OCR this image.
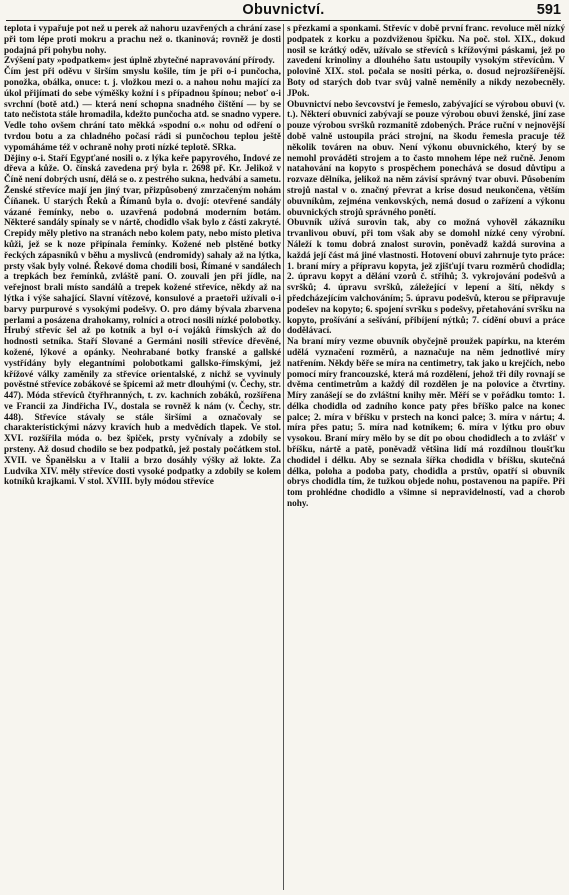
Obuvnictví.	591

teplota i vypařuje pot než u perek až nahoru uzavřených a chrání zase při tom lépe proti mokru a prachu než o. tkaninová; rovněž je dosti podajná při pohybu nohy.

Zvýšení paty »podpatkem« jest úplně zbytečné napravování přírody.

Čím jest při oděvu v širším smyslu košile, tím je při o-i punčocha, ponožka, obálka, onuce: t. j. vložkou mezi o. a nahou nohu mající za úkol přijímati do sebe výměšky kožní i s případnou špínou; neboť o-i svrchní (botě atd.) — která není schopna snadného čištění — by se tato nečistota stále hromadila, kdežto punčocha atd. se snadno vypere. Vedle toho ovšem chrání tato měkká »spodní o.« nohu od odření o tvrdou botu a za chladného počasí rádi si punčochou teplou ještě vypomáháme též v ochraně nohy proti nízké teplotě. SRka.

Dějiny o-i. Staří Egypťané nosili o. z lýka keře papyrového, Indové ze dřeva a kůže. O. čínská zavedena prý byla r. 2698 př. Kr. Jelikož v Číně není dobrých usní, dělá se o. z pestrého sukna, hedvábí a sametu. Ženské střevíce mají jen jiný tvar, přizpůsobený zmrzačeným nohám Číňanek. U starých Řeků a Římanů byla o. dvojí: otevřené sandály vázané řemínky, nebo o. uzavřená podobná moderním botám. Některé sandály spínaly se v nártě, chodidlo však bylo z části zakryté. Crepidy měly pletivo na stranách nebo kolem paty, nebo místo pletiva kůži, jež se k noze připínala řemínky. Kožené neb plstěné botky řeckých zápasníků v běhu a myslivců (endromidy) sahaly až na lýtka, prsty však byly volné. Řekové doma chodili bosi, Římané v sandálech a trepkách bez řemínků, zvláště paní. O. zouvali jen při jídle, na veřejnost brali místo sandálů a trepek kožené střevíce, někdy až na lýtka i výše sahající. Slavní vítězové, konsulové a praetoři užívali o-i barvy purpurové s vysokými podešvy. O. pro dámy bývala zbarvena perlami a posázena drahokamy, rolníci a otroci nosili nízké polobotky. Hrubý střevíc šel až po kotník a byl o-í vojáků římských až do hodnosti setníka. Staří Slované a Germáni nosili střevíce dřevěné, kožené, lýkové a opánky. Neohrabané botky franské a gallské vystřídány byly elegantními polobotkami gallsko-římskými, jež křížové války zaměnily za střevíce orientalské, z nichž se vyvinuly pověstné střevíce zobákové se špicemi až metr dlouhými (v. Čechy, str. 447). Móda střevíců čtyřhranných, t. zv. kachních zobáků, rozšířena ve Francii za Jindřicha IV., dostala se rovněž k nám (v. Čechy, str. 448). Střevíce stávaly se stále širšími a označovaly se charakteristickými názvy kravích hub a medvědích tlapek. Ve stol. XVI. rozšířila móda o. bez špiček, prsty vyčnívaly a zdobily se prsteny. Až dosud chodilo se bez podpatků, jež postaly počátkem stol. XVII. ve Španělsku a v Italii a brzo dosáhly výšky až lokte. Za Ludvíka XIV. měly střevíce dosti vysoké podpatky a zdobily se kolem kotníků krajkami. V stol. XVIII. byly módou střevíce

s přezkami a sponkami. Střevíc v době první franc. revoluce měl nízký podpatek z korku a pozdviženou špičku. Na poč. stol. XIX., dokud nosil se krátký oděv, užívalo se střevíců s křížovými páskami, jež po zavedení krinoliny a dlouhého šatu ustoupily vysokým střevícům. V polovině XIX. stol. počala se nositi pérka, o. dosud nejrozšířenější. Boty od starých dob tvar svůj valně neměnily a nikdy nezobecněly. JPok.

Obuvnictví nebo ševcovství je řemeslo, zabývající se výrobou obuvi (v. t.). Některí obuvníci zabývají se pouze výrobou obuvi ženské, jiní zase pouze výrobou svršků rozmanitě zdobených. Práce ruční v nejnovější době valně ustoupila práci strojní, na škodu řemesla pracuje též několik továren na obuv. Není výkonu obuvnického, který by se nemohl prováděti strojem a to často mnohem lépe než ručně. Jenom natahování na kopyto s prospěchem ponechává se dosud důvtipu a rozvaze dělníka, jelikož na něm závisí správný tvar obuvi. Působením strojů nastal v o. značný převrat a krise dosud neukončena, větším obuvníkům, zejména venkovských, nemá dosud o zařízení a výkonu obuvnických strojů správného ponětí.

Obuvník užívá surovin tak, aby co možná vyhověl zákazníku trvanlivou obuví, při tom však aby se domohl nízké ceny výrobní. Náleží k tomu dobrá znalost surovin, poněvadž každá surovina a každá její část má jiné vlastnosti. Hotovení obuvi zahrnuje tyto práce: 1. braní míry a přípravu kopyta, jež zjišťují tvaru rozměrů chodidla; 2. úpravu kopyt a dělání vzorů č. střihů; 3. vykrojování podešvů a svršků; 4. úpravu svršků, záležející v lepení a šití, někdy s předcházejícím valchováním; 5. úpravu podešvů, kterou se připravuje podešev na kopyto; 6. spojení svršku s podešvy, přetahování svršku na kopyto, prošívání a sešívání, přibíjení nýtků; 7. cídění obuvi a práce dodělávací.

Na braní míry vezme obuvník obyčejně proužek papírku, na kterém udělá vyznačení rozměrů, a naznačuje na něm jednotlivé míry natřením. Někdy běře se míra na centimetry, tak jako u krejčích, nebo pomocí míry francouzské, která má rozdělení, jehož tři díly rovnají se dvěma centimetrům a každý díl rozdělen je na polovice a čtvrtiny. Míry zanášejí se do zvláštní knihy měr. Měří se v pořádku tomto: 1. délka chodidla od zadního konce paty přes bříško palce na konec palce; 2. míra v bříšku v prstech na konci palce; 3. míra v nártu; 4. míra přes patu; 5. míra nad kotníkem; 6. míra v lýtku pro obuv vysokou. Braní míry mělo by se dít po obou chodidlech a to zvlášť v bříšku, nártě a patě, poněvadž většina lidí má rozdílnou tloušťku chodidel i délku. Aby se seznala šířka chodidla v bříšku, skutečná délka, poloha a podoba paty, chodidla a prstův, opatří si obuvník obrys chodidla tím, že tužkou objede nohu, postavenou na papíře. Při tom prohlédne chodidlo a všimne si nepravidelností, vad a chorob nohy.
